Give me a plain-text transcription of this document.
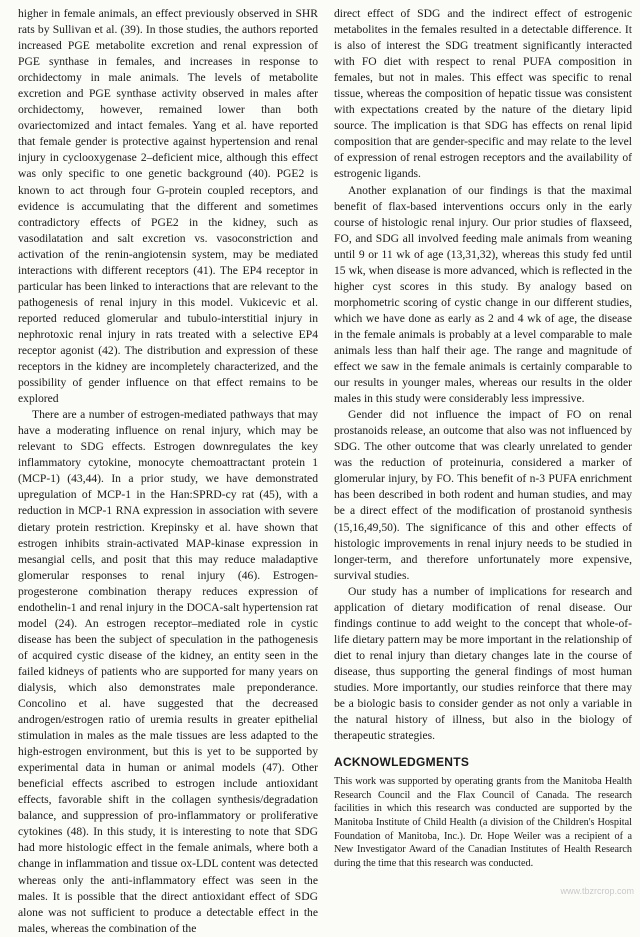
higher in female animals, an effect previously observed in SHR rats by Sullivan et al. (39). In those studies, the authors reported increased PGE metabolite excretion and renal expression of PGE synthase in females, and increases in response to orchidectomy in male animals. The levels of metabolite excretion and PGE synthase activity observed in males after orchidectomy, however, remained lower than both ovariectomized and intact females. Yang et al. have reported that female gender is protective against hypertension and renal injury in cyclooxygenase 2–deficient mice, although this effect was only specific to one genetic background (40). PGE2 is known to act through four G-protein coupled receptors, and evidence is accumulating that the different and sometimes contradictory effects of PGE2 in the kidney, such as vasodilatation and salt excretion vs. vasoconstriction and activation of the renin-angiotensin system, may be mediated interactions with different receptors (41). The EP4 receptor in particular has been linked to interactions that are relevant to the pathogenesis of renal injury in this model. Vukicevic et al. reported reduced glomerular and tubulo-interstitial injury in nephrotoxic renal injury in rats treated with a selective EP4 receptor agonist (42). The distribution and expression of these receptors in the kidney are incompletely characterized, and the possibility of gender influence on that effect remains to be explored

There are a number of estrogen-mediated pathways that may have a moderating influence on renal injury, which may be relevant to SDG effects. Estrogen downregulates the key inflammatory cytokine, monocyte chemoattractant protein 1 (MCP-1) (43,44). In a prior study, we have demonstrated upregulation of MCP-1 in the Han:SPRD-cy rat (45), with a reduction in MCP-1 RNA expression in association with severe dietary protein restriction. Krepinsky et al. have shown that estrogen inhibits strain-activated MAP-kinase expression in mesangial cells, and posit that this may reduce maladaptive glomerular responses to renal injury (46). Estrogen-progesterone combination therapy reduces expression of endothelin-1 and renal injury in the DOCA-salt hypertension rat model (24). An estrogen receptor–mediated role in cystic disease has been the subject of speculation in the pathogenesis of acquired cystic disease of the kidney, an entity seen in the failed kidneys of patients who are supported for many years on dialysis, which also demonstrates male preponderance. Concolino et al. have suggested that the decreased androgen/estrogen ratio of uremia results in greater epithelial stimulation in males as the male tissues are less adapted to the high-estrogen environment, but this is yet to be supported by experimental data in human or animal models (47). Other beneficial effects ascribed to estrogen include antioxidant effects, favorable shift in the collagen synthesis/degradation balance, and suppression of pro-inflammatory or proliferative cytokines (48). In this study, it is interesting to note that SDG had more histologic effect in the female animals, where both a change in inflammation and tissue ox-LDL content was detected whereas only the anti-inflammatory effect was seen in the males. It is possible that the direct antioxidant effect of SDG alone was not sufficient to produce a detectable effect in the males, whereas the combination of the

direct effect of SDG and the indirect effect of estrogenic metabolites in the females resulted in a detectable difference. It is also of interest the SDG treatment significantly interacted with FO diet with respect to renal PUFA composition in females, but not in males. This effect was specific to renal tissue, whereas the composition of hepatic tissue was consistent with expectations created by the nature of the dietary lipid source. The implication is that SDG has effects on renal lipid composition that are gender-specific and may relate to the level of expression of renal estrogen receptors and the availability of estrogenic ligands.

Another explanation of our findings is that the maximal benefit of flax-based interventions occurs only in the early course of histologic renal injury. Our prior studies of flaxseed, FO, and SDG all involved feeding male animals from weaning until 9 or 11 wk of age (13,31,32), whereas this study fed until 15 wk, when disease is more advanced, which is reflected in the higher cyst scores in this study. By analogy based on morphometric scoring of cystic change in our different studies, which we have done as early as 2 and 4 wk of age, the disease in the female animals is probably at a level comparable to male animals less than half their age. The range and magnitude of effect we saw in the female animals is certainly comparable to our results in younger males, whereas our results in the older males in this study were considerably less impressive.

Gender did not influence the impact of FO on renal prostanoids release, an outcome that also was not influenced by SDG. The other outcome that was clearly unrelated to gender was the reduction of proteinuria, considered a marker of glomerular injury, by FO. This benefit of n-3 PUFA enrichment has been described in both rodent and human studies, and may be a direct effect of the modification of prostanoid synthesis (15,16,49,50). The significance of this and other effects of histologic improvements in renal injury needs to be studied in longer-term, and therefore unfortunately more expensive, survival studies.

Our study has a number of implications for research and application of dietary modification of renal disease. Our findings continue to add weight to the concept that whole-of-life dietary pattern may be more important in the relationship of diet to renal injury than dietary changes late in the course of disease, thus supporting the general findings of most human studies. More importantly, our studies reinforce that there may be a biologic basis to consider gender as not only a variable in the natural history of illness, but also in the biology of therapeutic strategies.

ACKNOWLEDGMENTS

This work was supported by operating grants from the Manitoba Health Research Council and the Flax Council of Canada. The research facilities in which this research was conducted are supported by the Manitoba Institute of Child Health (a division of the Children's Hospital Foundation of Manitoba, Inc.). Dr. Hope Weiler was a recipient of a New Investigator Award of the Canadian Institutes of Health Research during the time that this research was conducted.

www.tbzrcrop.com
